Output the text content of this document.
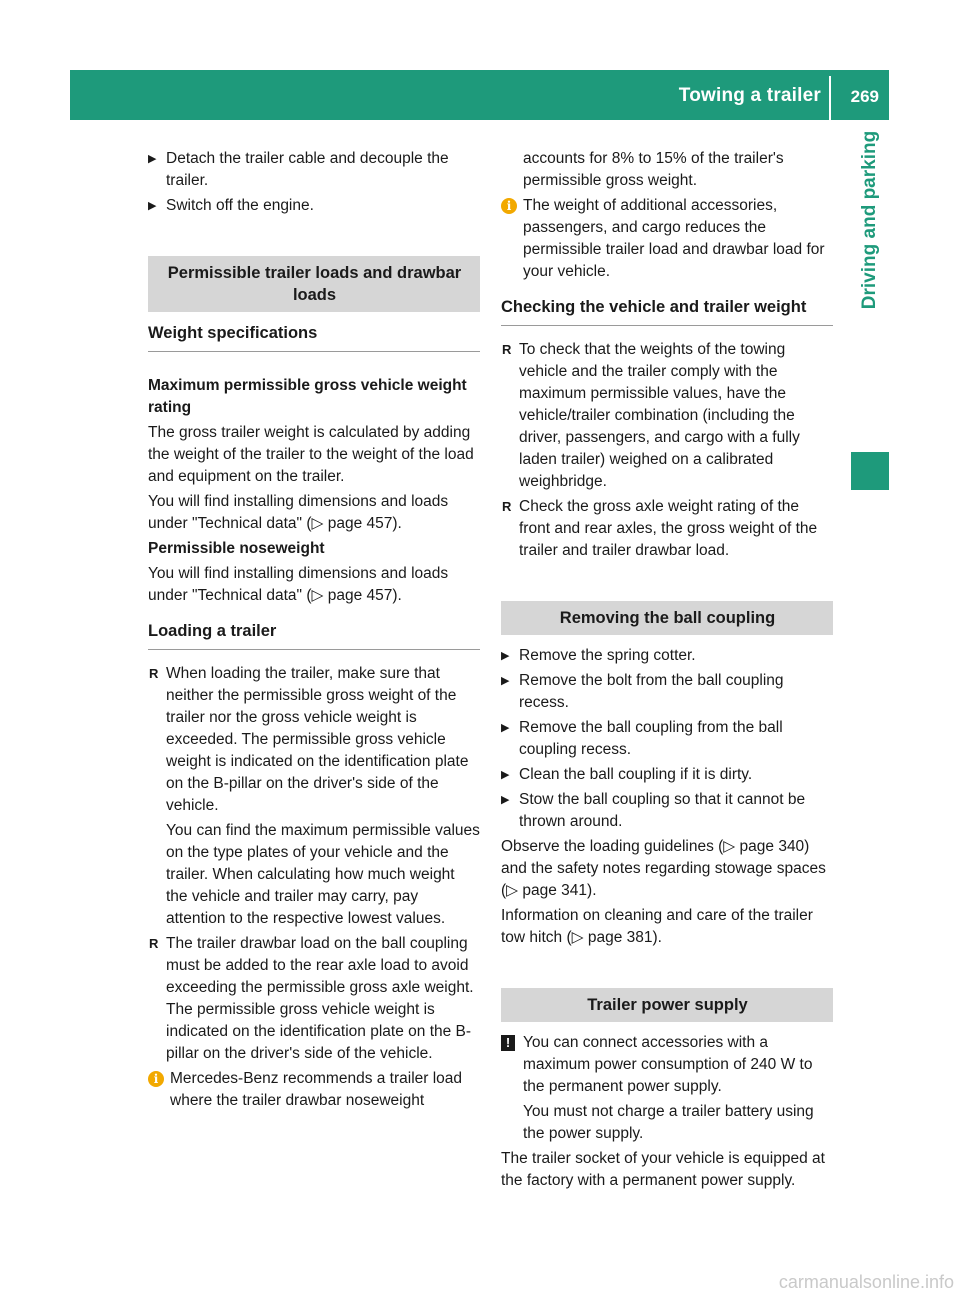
Towing a trailer 269
Driving and parking
▶ Detach the trailer cable and decouple the trailer.
▶ Switch off the engine.
Permissible trailer loads and drawbar loads
Weight specifications
Maximum permissible gross vehicle weight rating
The gross trailer weight is calculated by adding the weight of the trailer to the weight of the load and equipment on the trailer.
You will find installing dimensions and loads under "Technical data" (▷ page 457).
Permissible noseweight
You will find installing dimensions and loads under "Technical data" (▷ page 457).
Loading a trailer
R When loading the trailer, make sure that neither the permissible gross weight of the trailer nor the gross vehicle weight is exceeded. The permissible gross vehicle weight is indicated on the identification plate on the B-pillar on the driver's side of the vehicle.
You can find the maximum permissible values on the type plates of your vehicle and the trailer. When calculating how much weight the vehicle and trailer may carry, pay attention to the respective lowest values.
R The trailer drawbar load on the ball coupling must be added to the rear axle load to avoid exceeding the permissible gross axle weight. The permissible gross vehicle weight is indicated on the identification plate on the B-pillar on the driver's side of the vehicle.
i Mercedes-Benz recommends a trailer load where the trailer drawbar noseweight
accounts for 8% to 15% of the trailer's permissible gross weight.
i The weight of additional accessories, passengers, and cargo reduces the permissible trailer load and drawbar load for your vehicle.
Checking the vehicle and trailer weight
R To check that the weights of the towing vehicle and the trailer comply with the maximum permissible values, have the vehicle/trailer combination (including the driver, passengers, and cargo with a fully laden trailer) weighed on a calibrated weighbridge.
R Check the gross axle weight rating of the front and rear axles, the gross weight of the trailer and trailer drawbar load.
Removing the ball coupling
▶ Remove the spring cotter.
▶ Remove the bolt from the ball coupling recess.
▶ Remove the ball coupling from the ball coupling recess.
▶ Clean the ball coupling if it is dirty.
▶ Stow the ball coupling so that it cannot be thrown around.
Observe the loading guidelines (▷ page 340) and the safety notes regarding stowage spaces (▷ page 341).
Information on cleaning and care of the trailer tow hitch (▷ page 381).
Trailer power supply
! You can connect accessories with a maximum power consumption of 240 W to the permanent power supply.
You must not charge a trailer battery using the power supply.
The trailer socket of your vehicle is equipped at the factory with a permanent power supply.
carmanualsonline.info
